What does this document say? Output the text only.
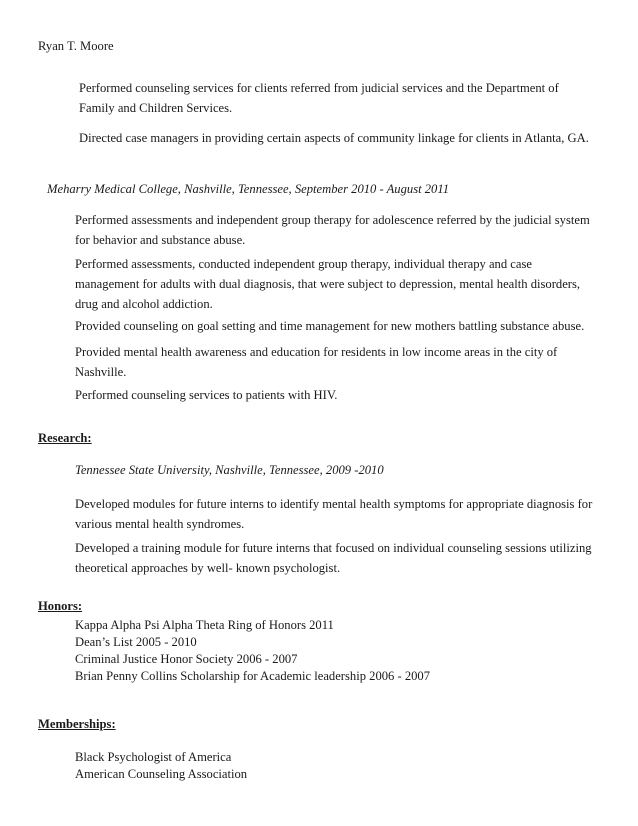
Ryan T. Moore
Performed counseling services for clients referred from judicial services and the Department of Family and Children Services.
Directed case managers in providing certain aspects of community linkage for clients in Atlanta, GA.
Meharry Medical College, Nashville, Tennessee, September 2010 - August 2011
Performed assessments and independent group therapy for adolescence referred by the judicial system for behavior and substance abuse.
Performed assessments, conducted independent group therapy, individual therapy and case management for adults with dual diagnosis, that were subject to depression, mental health disorders, drug and alcohol addiction.
Provided counseling on goal setting and time management for new mothers battling substance abuse.
Provided mental health awareness and education for residents in low income areas in the city of Nashville.
Performed counseling services to patients with HIV.
Research:
Tennessee State University, Nashville, Tennessee, 2009 -2010
Developed modules for future interns to identify mental health symptoms for appropriate diagnosis for various mental health syndromes.
Developed a training module for future interns that focused on individual counseling sessions utilizing theoretical approaches by well- known psychologist.
Honors:
Kappa Alpha Psi Alpha Theta Ring of Honors 2011
Dean’s List 2005 - 2010
Criminal Justice Honor Society 2006 - 2007
Brian Penny Collins Scholarship for Academic leadership 2006 - 2007
Memberships:
Black Psychologist of America
American Counseling Association
